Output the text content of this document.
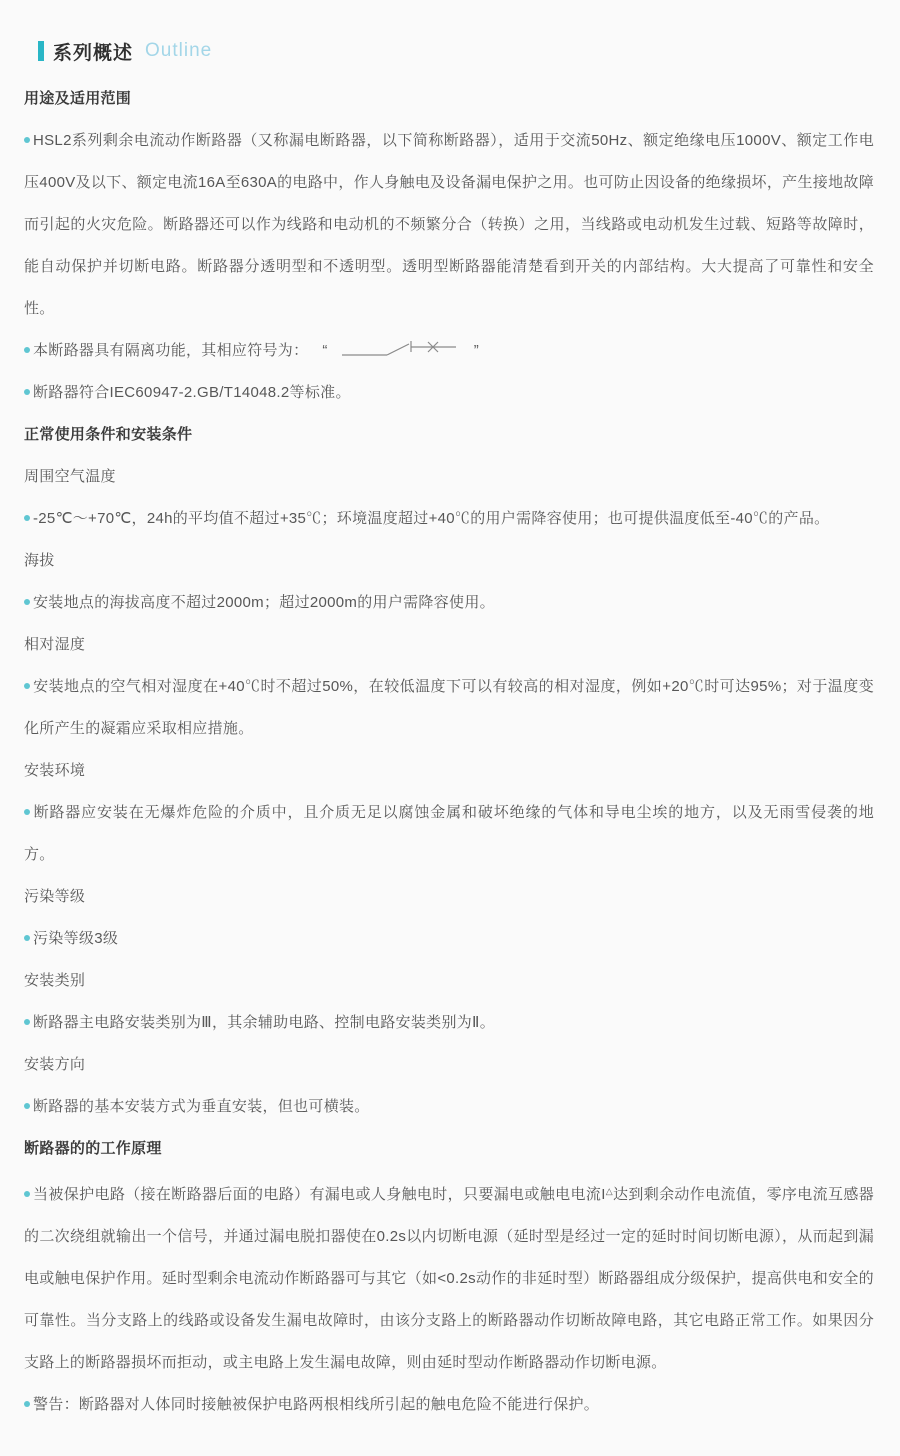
系列概述 Outline

用途及适用范围

HSL2系列剩余电流动作断路器（又称漏电断路器，以下简称断路器），适用于交流50Hz、额定绝缘电压1000V、额定工作电压400V及以下、额定电流16A至630A的电路中，作人身触电及设备漏电保护之用。也可防止因设备的绝缘损坏，产生接地故障而引起的火灾危险。断路器还可以作为线路和电动机的不频繁分合（转换）之用，当线路或电动机发生过载、短路等故障时，能自动保护并切断电路。断路器分透明型和不透明型。透明型断路器能清楚看到开关的内部结构。大大提高了可靠性和安全性。

本断路器具有隔离功能，其相应符号为： “	”

断路器符合IEC60947-2.GB/T14048.2等标准。

正常使用条件和安装条件

周围空气温度

-25℃～+70℃，24h的平均值不超过+35℃；环境温度超过+40℃的用户需降容使用；也可提供温度低至-40℃的产品。

海拔

安装地点的海拔高度不超过2000m；超过2000m的用户需降容使用。

相对湿度

安装地点的空气相对湿度在+40℃时不超过50%，在较低温度下可以有较高的相对湿度，例如+20℃时可达95%；对于温度变化所产生的凝霜应采取相应措施。

安装环境

断路器应安装在无爆炸危险的介质中，且介质无足以腐蚀金属和破坏绝缘的气体和导电尘埃的地方，以及无雨雪侵袭的地方。

污染等级

污染等级3级

安装类别

断路器主电路安装类别为Ⅲ，其余辅助电路、控制电路安装类别为Ⅱ。

安装方向

断路器的基本安装方式为垂直安装，但也可横装。

断路器的的工作原理

当被保护电路（接在断路器后面的电路）有漏电或人身触电时，只要漏电或触电电流I△达到剩余动作电流值，零序电流互感器的二次绕组就输出一个信号，并通过漏电脱扣器使在0.2s以内切断电源（延时型是经过一定的延时时间切断电源），从而起到漏电或触电保护作用。延时型剩余电流动作断路器可与其它（如<0.2s动作的非延时型）断路器组成分级保护，提高供电和安全的可靠性。当分支路上的线路或设备发生漏电故障时，由该分支路上的断路器动作切断故障电路，其它电路正常工作。如果因分支路上的断路器损坏而拒动，或主电路上发生漏电故障，则由延时型动作断路器动作切断电源。

警告：断路器对人体同时接触被保护电路两根相线所引起的触电危险不能进行保护。
